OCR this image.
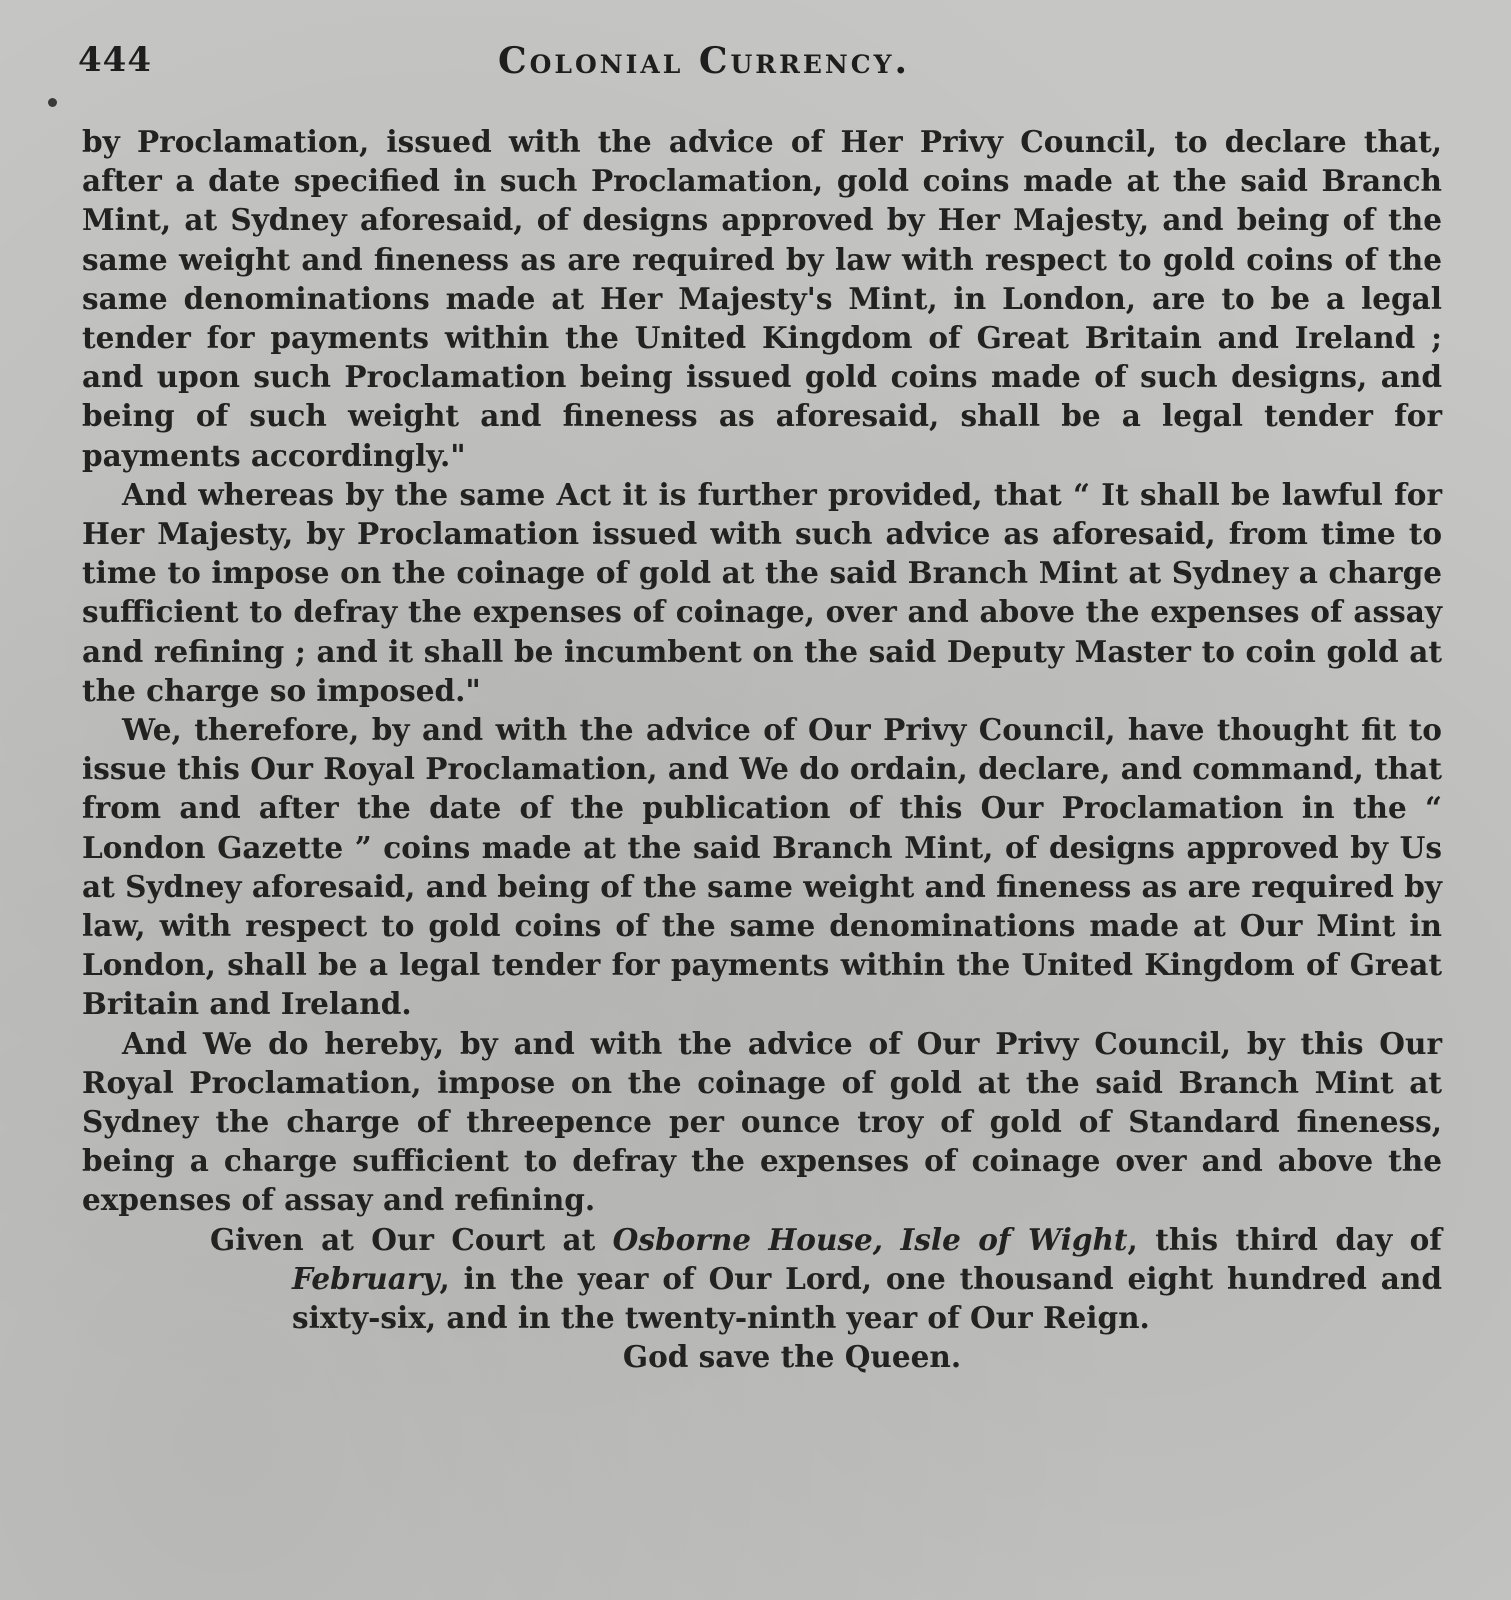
444	Colonial Currency.

by Proclamation, issued with the advice of Her Privy Council, to declare that, after a date specified in such Proclamation, gold coins made at the said Branch Mint, at Sydney aforesaid, of designs approved by Her Majesty, and being of the same weight and fineness as are required by law with respect to gold coins of the same denominations made at Her Majesty's Mint, in London, are to be a legal tender for payments within the United Kingdom of Great Britain and Ireland ; and upon such Proclamation being issued gold coins made of such designs, and being of such weight and fineness as aforesaid, shall be a legal tender for payments accordingly."

And whereas by the same Act it is further provided, that “ It shall be lawful for Her Majesty, by Proclamation issued with such advice as aforesaid, from time to time to impose on the coinage of gold at the said Branch Mint at Sydney a charge sufficient to defray the expenses of coinage, over and above the expenses of assay and refining ; and it shall be incumbent on the said Deputy Master to coin gold at the charge so imposed."

We, therefore, by and with the advice of Our Privy Council, have thought fit to issue this Our Royal Proclamation, and We do ordain, declare, and command, that from and after the date of the publication of this Our Proclamation in the “ London Gazette ” coins made at the said Branch Mint, of designs approved by Us at Sydney aforesaid, and being of the same weight and fineness as are required by law, with respect to gold coins of the same denominations made at Our Mint in London, shall be a legal tender for payments within the United Kingdom of Great Britain and Ireland.

And We do hereby, by and with the advice of Our Privy Council, by this Our Royal Proclamation, impose on the coinage of gold at the said Branch Mint at Sydney the charge of threepence per ounce troy of gold of Standard fineness, being a charge sufficient to defray the expenses of coinage over and above the expenses of assay and refining.

Given at Our Court at Osborne House, Isle of Wight, this third day of February, in the year of Our Lord, one thousand eight hundred and sixty-six, and in the twenty-ninth year of Our Reign.

God save the Queen.
